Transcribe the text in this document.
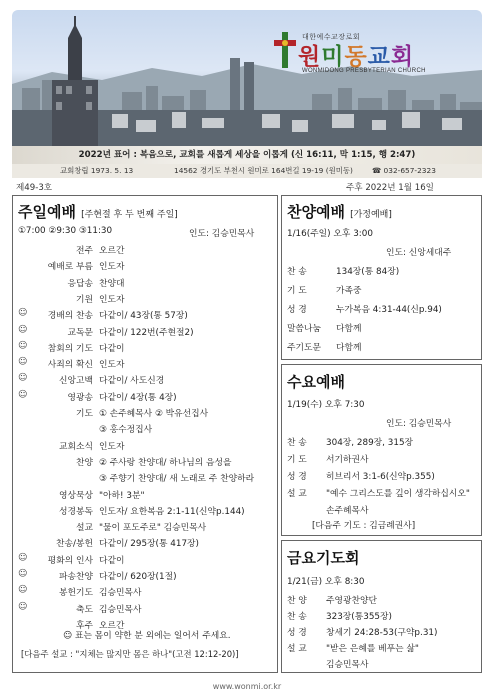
대한예수교장로회
원미동교회
WONMIDONG PRESBYTERIAN CHURCH
2022년 표어 : 복음으로, 교회를 새롭게 세상을 이롭게 (신 16:11, 막 1:15, 행 2:47)
교회창립 1973. 5. 13	14562 경기도 부천시 원미로 164번길 19-19 (원미동)	☎ 032-657-2323
제49-3호	주후 2022년 1월 16일
주일예배 [주현절 후 두 번째 주일]
①7:00 ②9:30 ③11:30	인도: 김승민목사
전주 오르간
예배로 부름 인도자
응답송 찬양대
기원 인도자
☺	경배의 찬송 다같이/ 43장(통 57장)
☺	교독문 다같이/ 122번(주현절2)
☺	참회의 기도 다같이
☺	사죄의 확신 인도자
☺	신앙고백 다같이/ 사도신경
☺	영광송 다같이/ 4장(통 4장)
기도 ① 손주혜목사 ② 박유선집사
③ 홍수정집사
교회소식 인도자
찬양 ② 주사랑 찬양대/ 하나님의 음성을
③ 주향기 찬양대/ 새 노래로 주 찬양하라
영상묵상 "아하! 3분"
성경봉독 인도자/ 요한복음 2:1-11(신약p.144)
설교 "물이 포도주로" 김승민목사
찬송/봉헌 다같이/ 295장(통 417장)
☺	평화의 인사 다같이
☺	파송찬양 다같이/ 620장(1절)
☺	봉헌기도 김승민목사
☺	축도 김승민목사
후주 오르간
☺ 표는 몸이 약한 분 외에는 일어서 주세요.
[다음주 설교 : "지체는 많지만 몸은 하나"(고전 12:12-20)]
찬양예배 [가정예배]
1/16(주일) 오후 3:00
인도: 신앙세대주
찬 송	134장(통 84장)
기 도	가족중
성 경	누가복음 4:31-44(신p.94)
말씀나눔	다함께
주기도문	다함께
수요예배
1/19(수) 오후 7:30
인도: 김승민목사
찬 송	304장, 289장, 315장
기 도	서기하권사
성 경	히브리서 3:1-6(신약p.355)
설 교	"예수 그리스도를 깊이 생각하십시오"
손주혜목사
[다음주 기도 : 김금례권사]
금요기도회
1/21(금) 오후 8:30
찬 양	주영광찬양단
찬 송	323장(통355장)
성 경	창세기 24:28-53(구약p.31)
설 교	"받은 은혜를 베푸는 삶"
김승민목사
www.wonmi.or.kr
